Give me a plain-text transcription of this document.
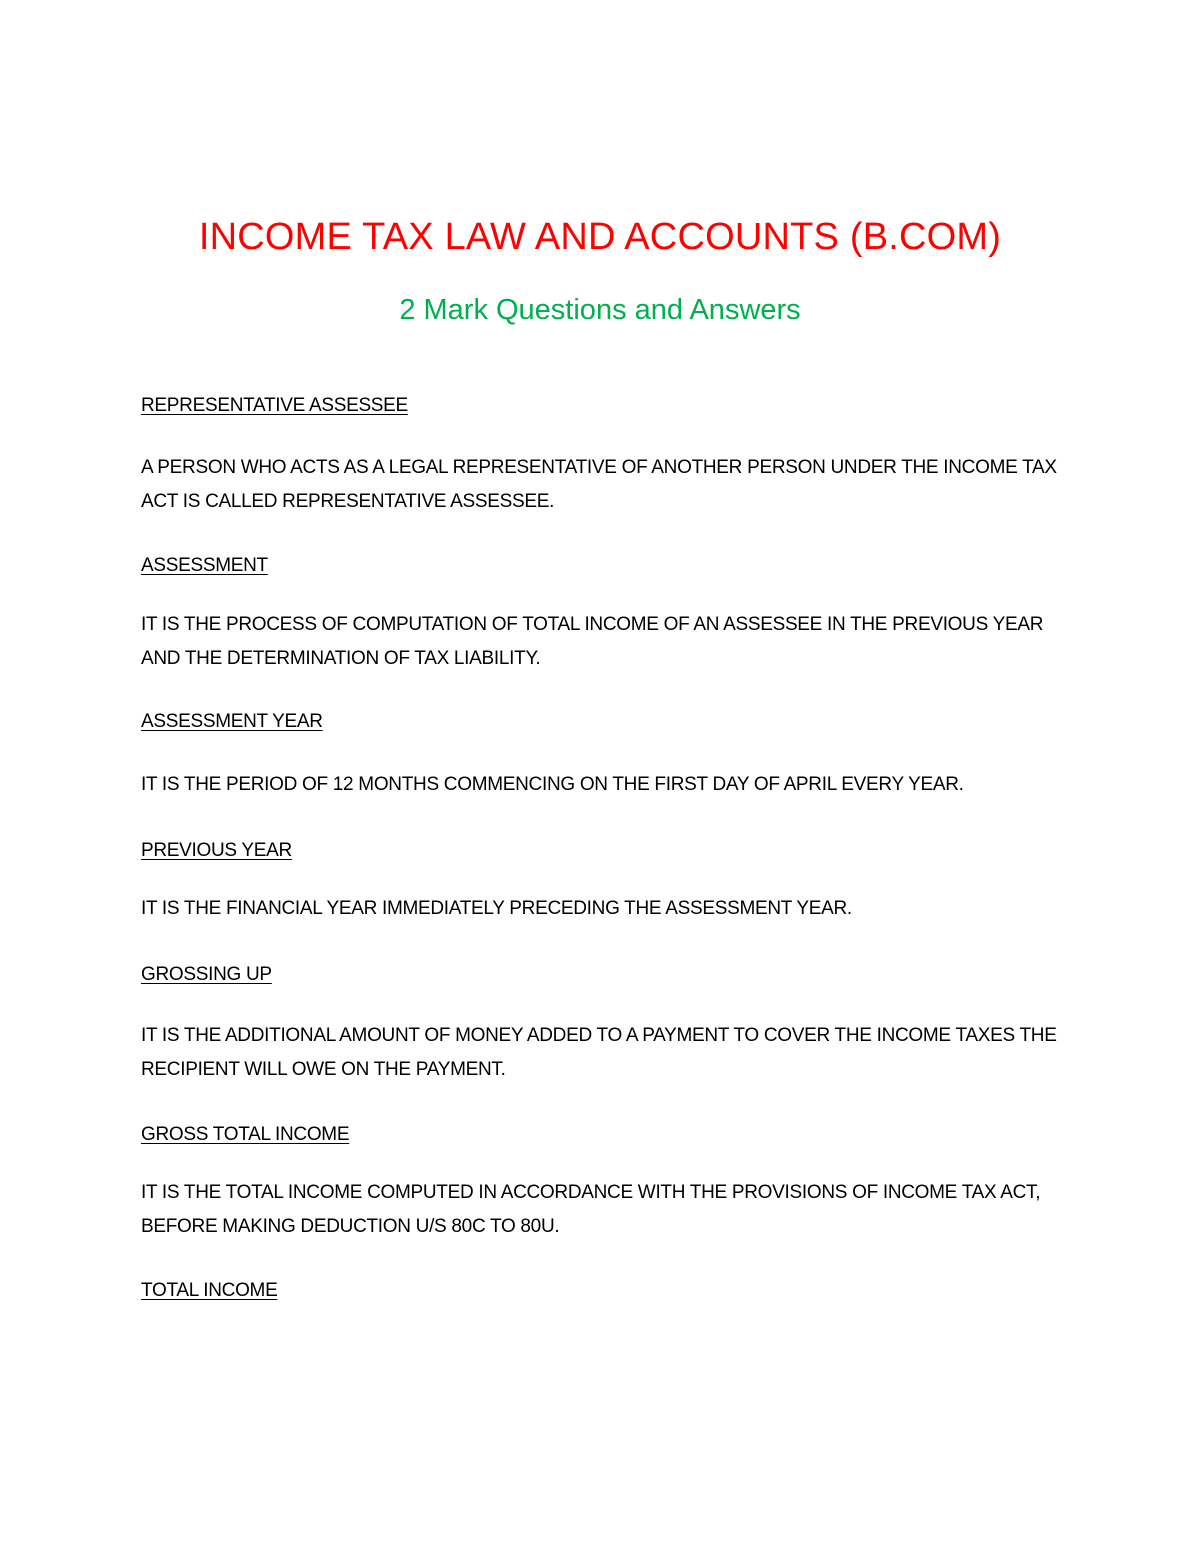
INCOME TAX LAW AND ACCOUNTS (B.COM)
2 Mark Questions and Answers
REPRESENTATIVE ASSESSEE
A PERSON WHO ACTS AS A LEGAL REPRESENTATIVE OF ANOTHER PERSON UNDER THE INCOME TAX ACT IS CALLED REPRESENTATIVE ASSESSEE.
ASSESSMENT
IT IS THE PROCESS OF COMPUTATION OF TOTAL INCOME OF AN ASSESSEE IN THE PREVIOUS YEAR AND THE DETERMINATION OF TAX LIABILITY.
ASSESSMENT YEAR
IT IS THE PERIOD OF 12 MONTHS COMMENCING ON THE FIRST DAY OF APRIL EVERY YEAR.
PREVIOUS YEAR
IT IS THE FINANCIAL YEAR IMMEDIATELY PRECEDING THE ASSESSMENT YEAR.
GROSSING UP
IT IS THE ADDITIONAL AMOUNT OF MONEY ADDED TO A PAYMENT TO COVER THE INCOME TAXES THE RECIPIENT WILL OWE ON THE PAYMENT.
GROSS TOTAL INCOME
IT IS THE TOTAL INCOME COMPUTED IN ACCORDANCE WITH THE PROVISIONS OF INCOME TAX ACT, BEFORE MAKING DEDUCTION U/S 80C TO 80U.
TOTAL INCOME
